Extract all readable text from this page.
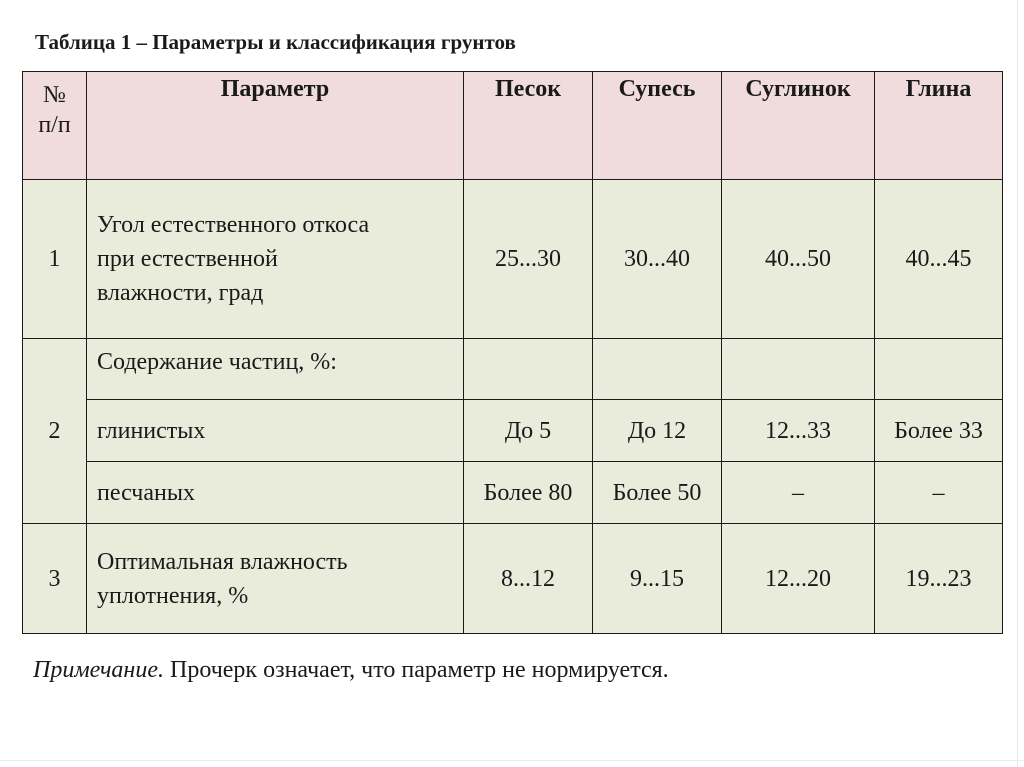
Таблица 1 – Параметры и классификация грунтов
№
п/п	Параметр	Песок	Супесь	Суглинок	Глина
1	Угол естественного откоса
при естественной
влажности, град	25...30	30...40	40...50	40...45
2	Содержание частиц, %:				
	глинистых	До 5	До 12	12...33	Более 33
	песчаных	Более 80	Более 50	–	–
3	Оптимальная влажность
уплотнения, %	8...12	9...15	12...20	19...23
Примечание. Прочерк означает, что параметр не нормируется.
